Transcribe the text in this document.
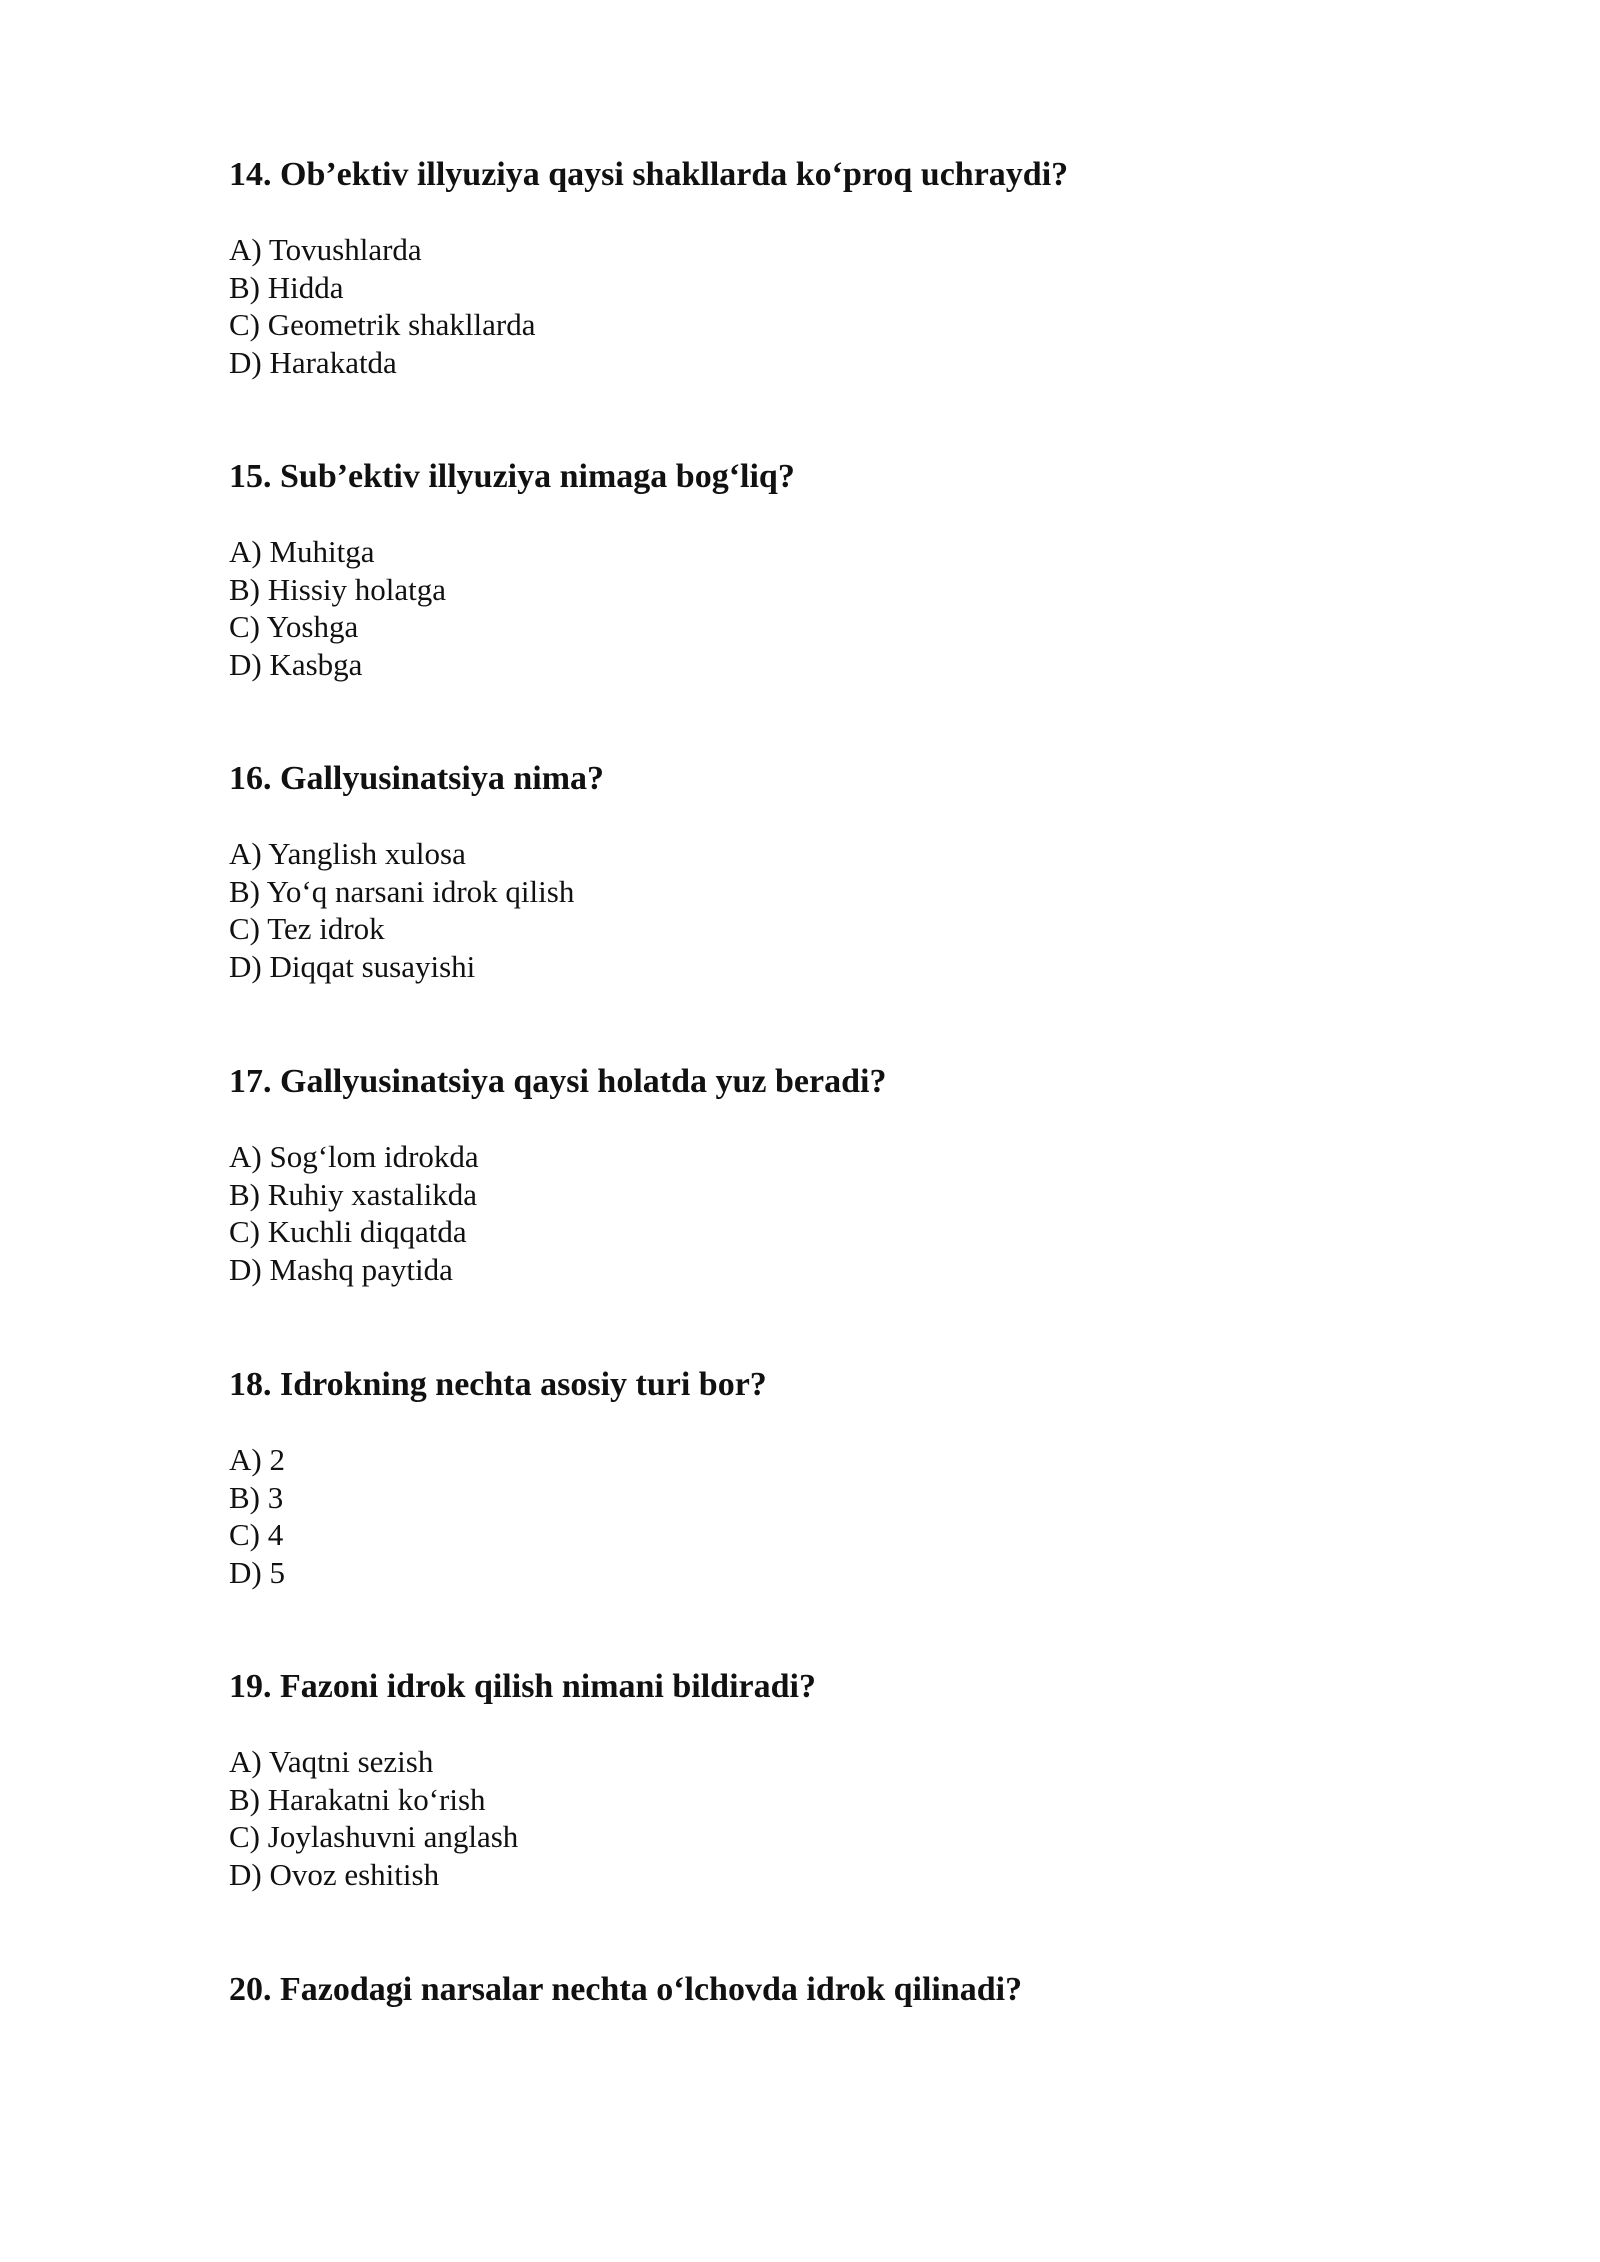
14. Ob’ektiv illyuziya qaysi shakllarda ko‘proq uchraydi?
A) Tovushlarda
B) Hidda
C) Geometrik shakllarda
D) Harakatda
15. Sub’ektiv illyuziya nimaga bog‘liq?
A) Muhitga
B) Hissiy holatga
C) Yoshga
D) Kasbga
16. Gallyusinatsiya nima?
A) Yanglish xulosa
B) Yo‘q narsani idrok qilish
C) Tez idrok
D) Diqqat susayishi
17. Gallyusinatsiya qaysi holatda yuz beradi?
A) Sog‘lom idrokda
B) Ruhiy xastalikda
C) Kuchli diqqatda
D) Mashq paytida
18. Idrokning nechta asosiy turi bor?
A) 2
B) 3
C) 4
D) 5
19. Fazoni idrok qilish nimani bildiradi?
A) Vaqtni sezish
B) Harakatni ko‘rish
C) Joylashuvni anglash
D) Ovoz eshitish
20. Fazodagi narsalar nechta o‘lchovda idrok qilinadi?
